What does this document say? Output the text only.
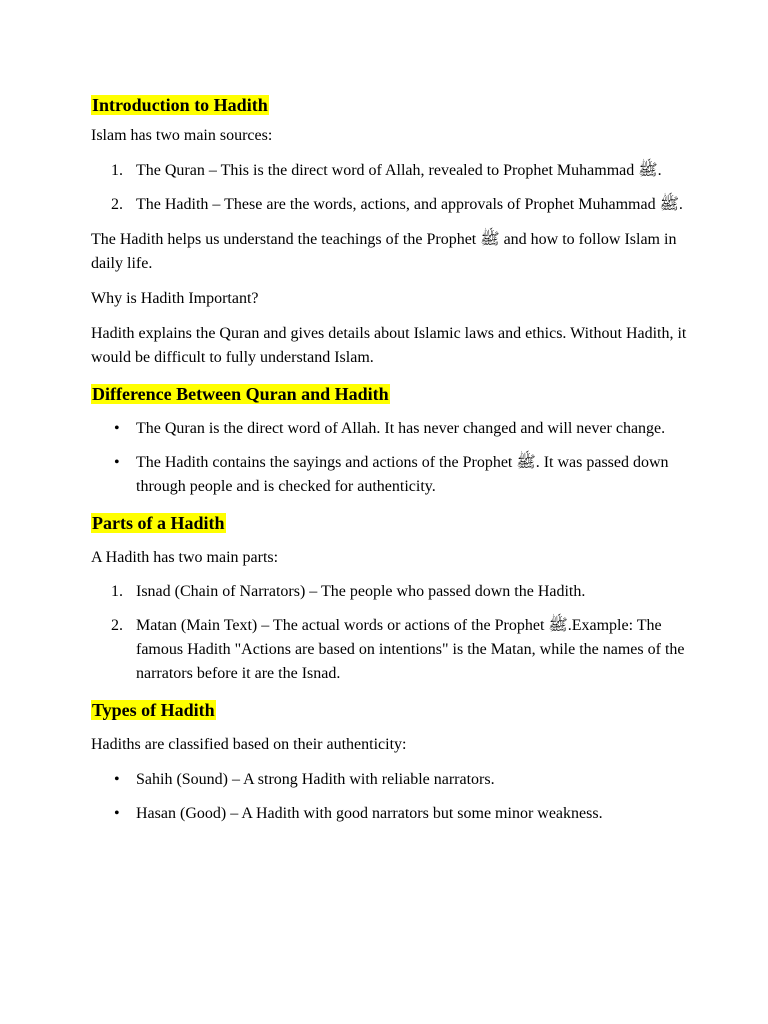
Introduction to Hadith

Islam has two main sources:

1. The Quran – This is the direct word of Allah, revealed to Prophet Muhammad ﷺ.
2. The Hadith – These are the words, actions, and approvals of Prophet Muhammad ﷺ.

The Hadith helps us understand the teachings of the Prophet ﷺ and how to follow Islam in daily life.

Why is Hadith Important?

Hadith explains the Quran and gives details about Islamic laws and ethics. Without Hadith, it would be difficult to fully understand Islam.

Difference Between Quran and Hadith
• The Quran is the direct word of Allah. It has never changed and will never change.
• The Hadith contains the sayings and actions of the Prophet ﷺ. It was passed down through people and is checked for authenticity.
Parts of a Hadith

A Hadith has two main parts:

1. Isnad (Chain of Narrators) – The people who passed down the Hadith.
2. Matan (Main Text) – The actual words or actions of the Prophet ﷺ.Example: The famous Hadith "Actions are based on intentions" is the Matan, while the names of the narrators before it are the Isnad.
Types of Hadith

Hadiths are classified based on their authenticity:

• Sahih (Sound) – A strong Hadith with reliable narrators.
• Hasan (Good) – A Hadith with good narrators but some minor weakness.
